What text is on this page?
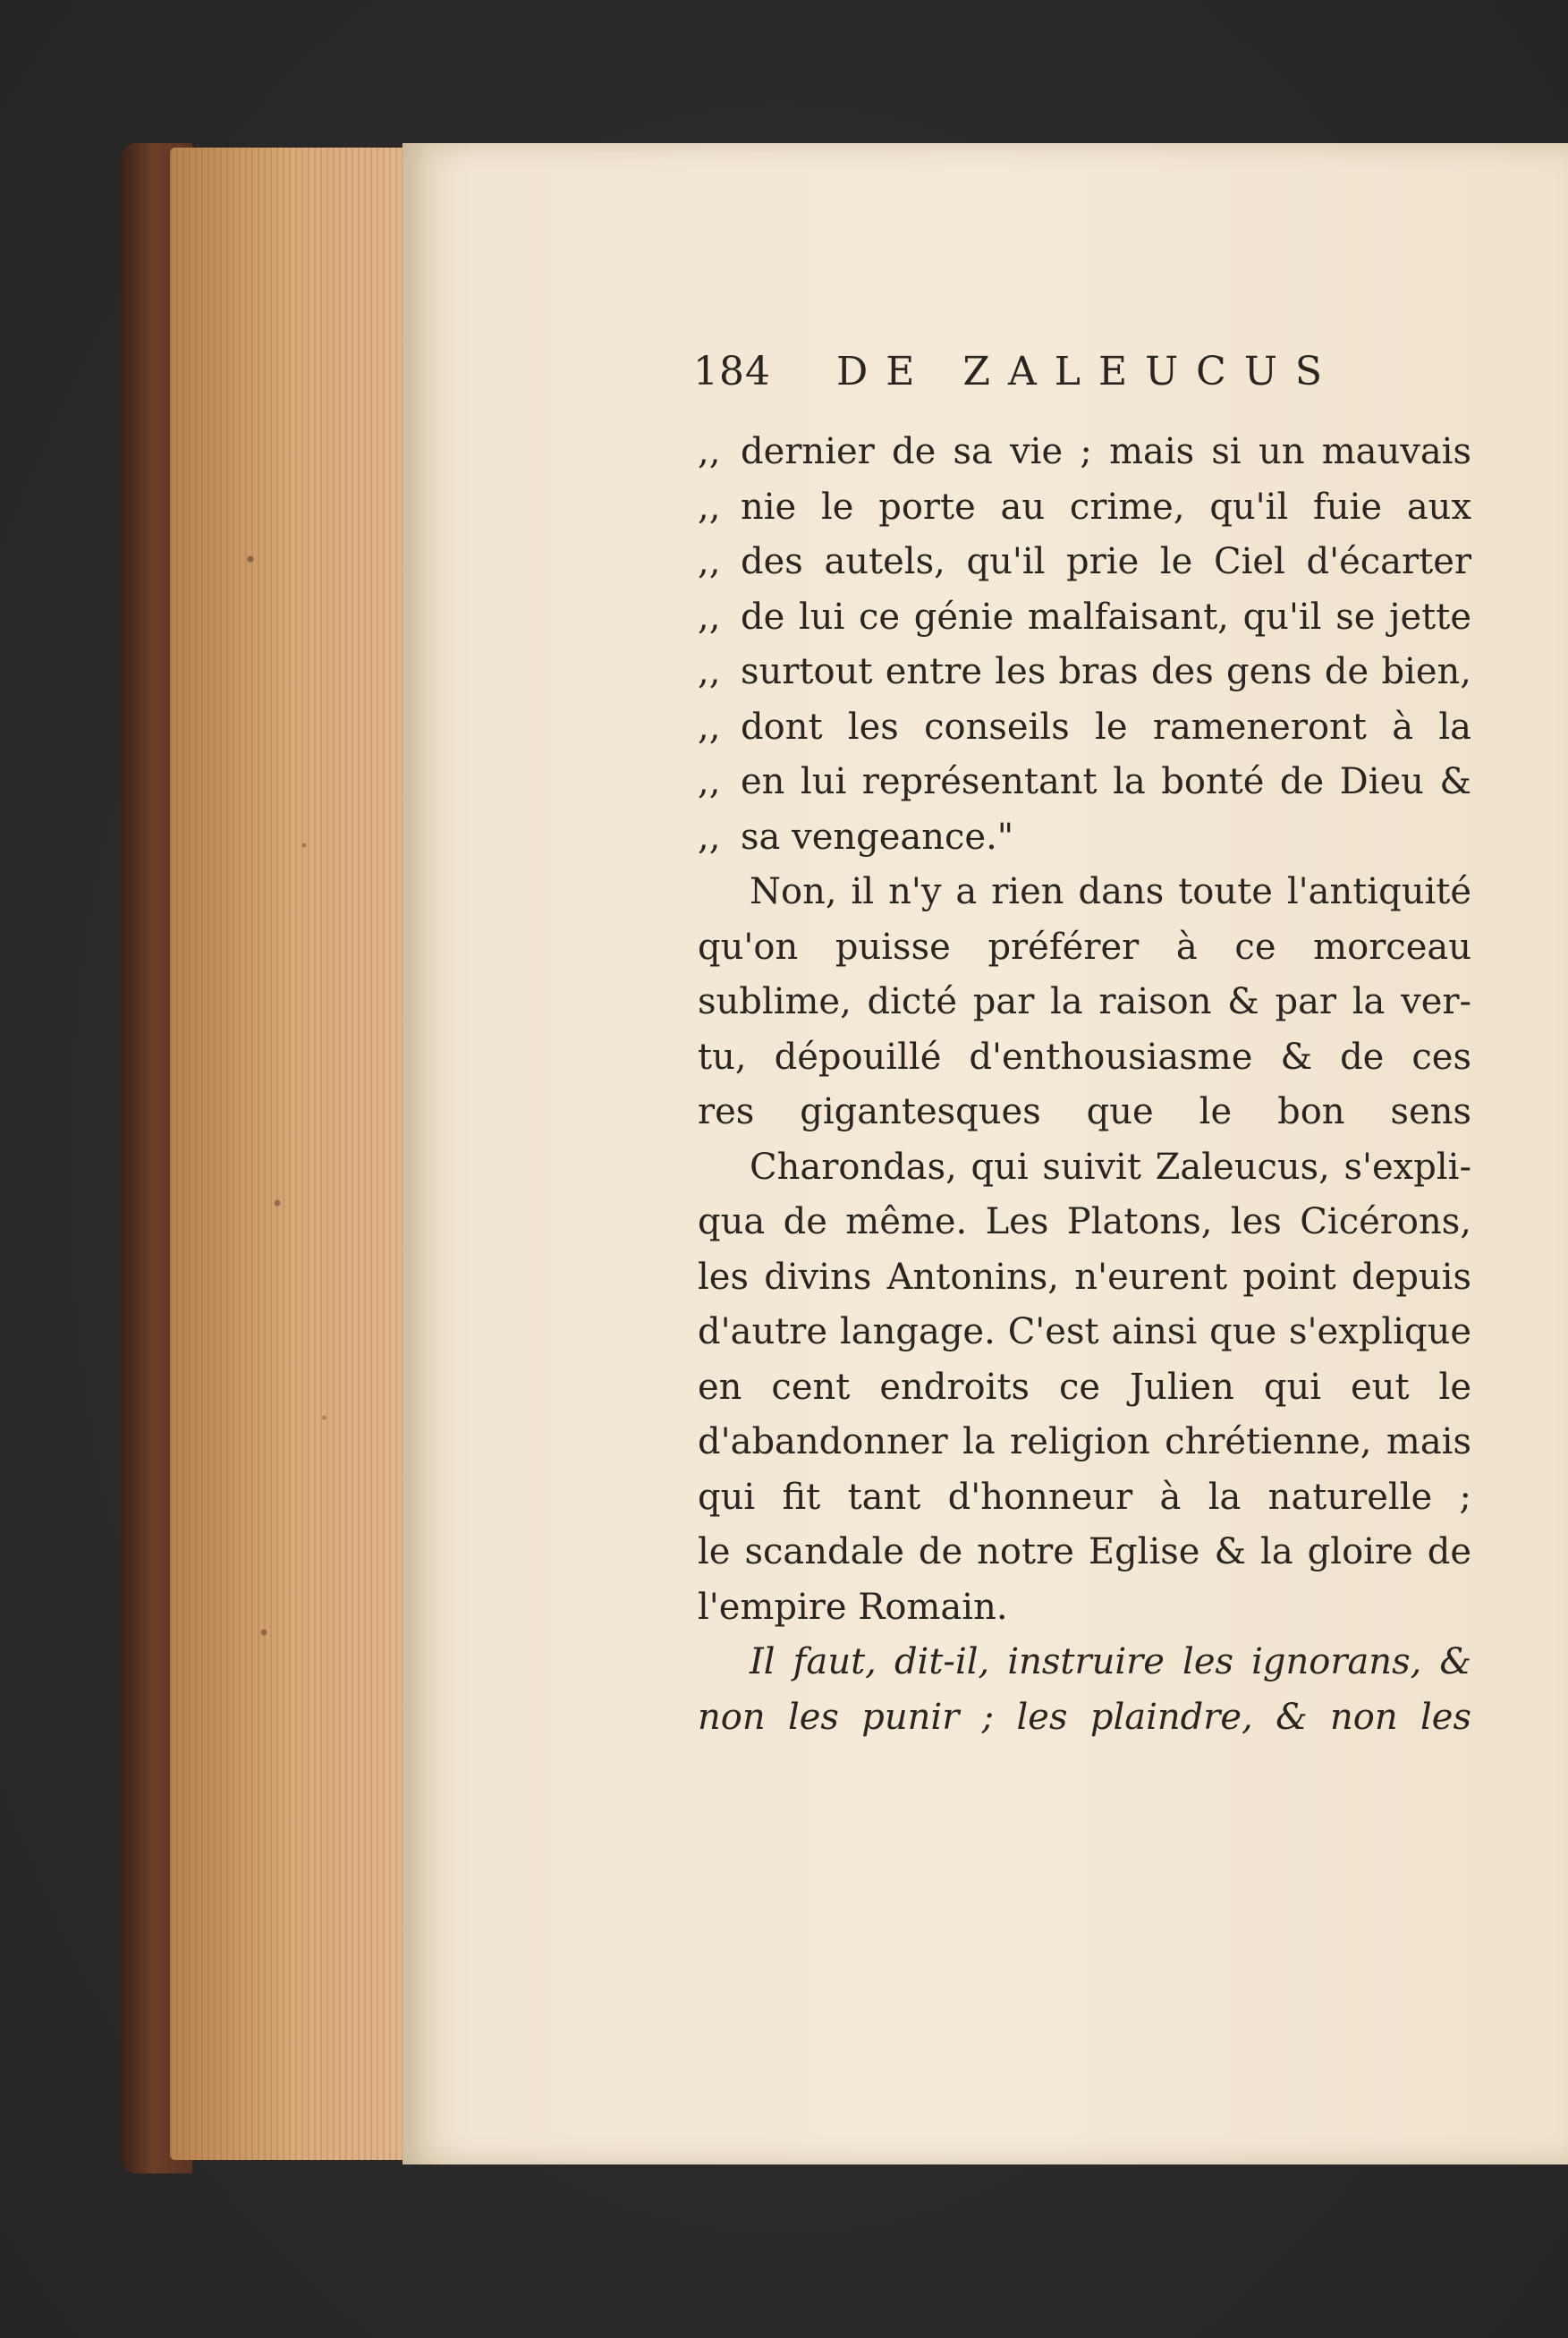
184 DE ZALEUCUS
,, dernier de sa vie ; mais si un mauvais
,, nie le porte au crime, qu'il fuie aux
,, des autels, qu'il prie le Ciel d'écarter
,, de lui ce génie malfaisant, qu'il se jette
,, surtout entre les bras des gens de bien,
,, dont les conseils le rameneront à la
,, en lui représentant la bonté de Dieu &
,, sa vengeance."
Non, il n'y a rien dans toute l'antiquité
qu'on puisse préférer à ce morceau
sublime, dicté par la raison & par la ver-
tu, dépouillé d'enthousiasme & de ces
res gigantesques que le bon sens
Charondas, qui suivit Zaleucus, s'expli-
qua de même. Les Platons, les Cicérons,
les divins Antonins, n'eurent point depuis
d'autre langage. C'est ainsi que s'explique
en cent endroits ce Julien qui eut le
d'abandonner la religion chrétienne, mais
qui fit tant d'honneur à la naturelle ;
le scandale de notre Eglise & la gloire de
l'empire Romain.
Il faut, dit-il, instruire les ignorans, &
non les punir ; les plaindre, & non les
